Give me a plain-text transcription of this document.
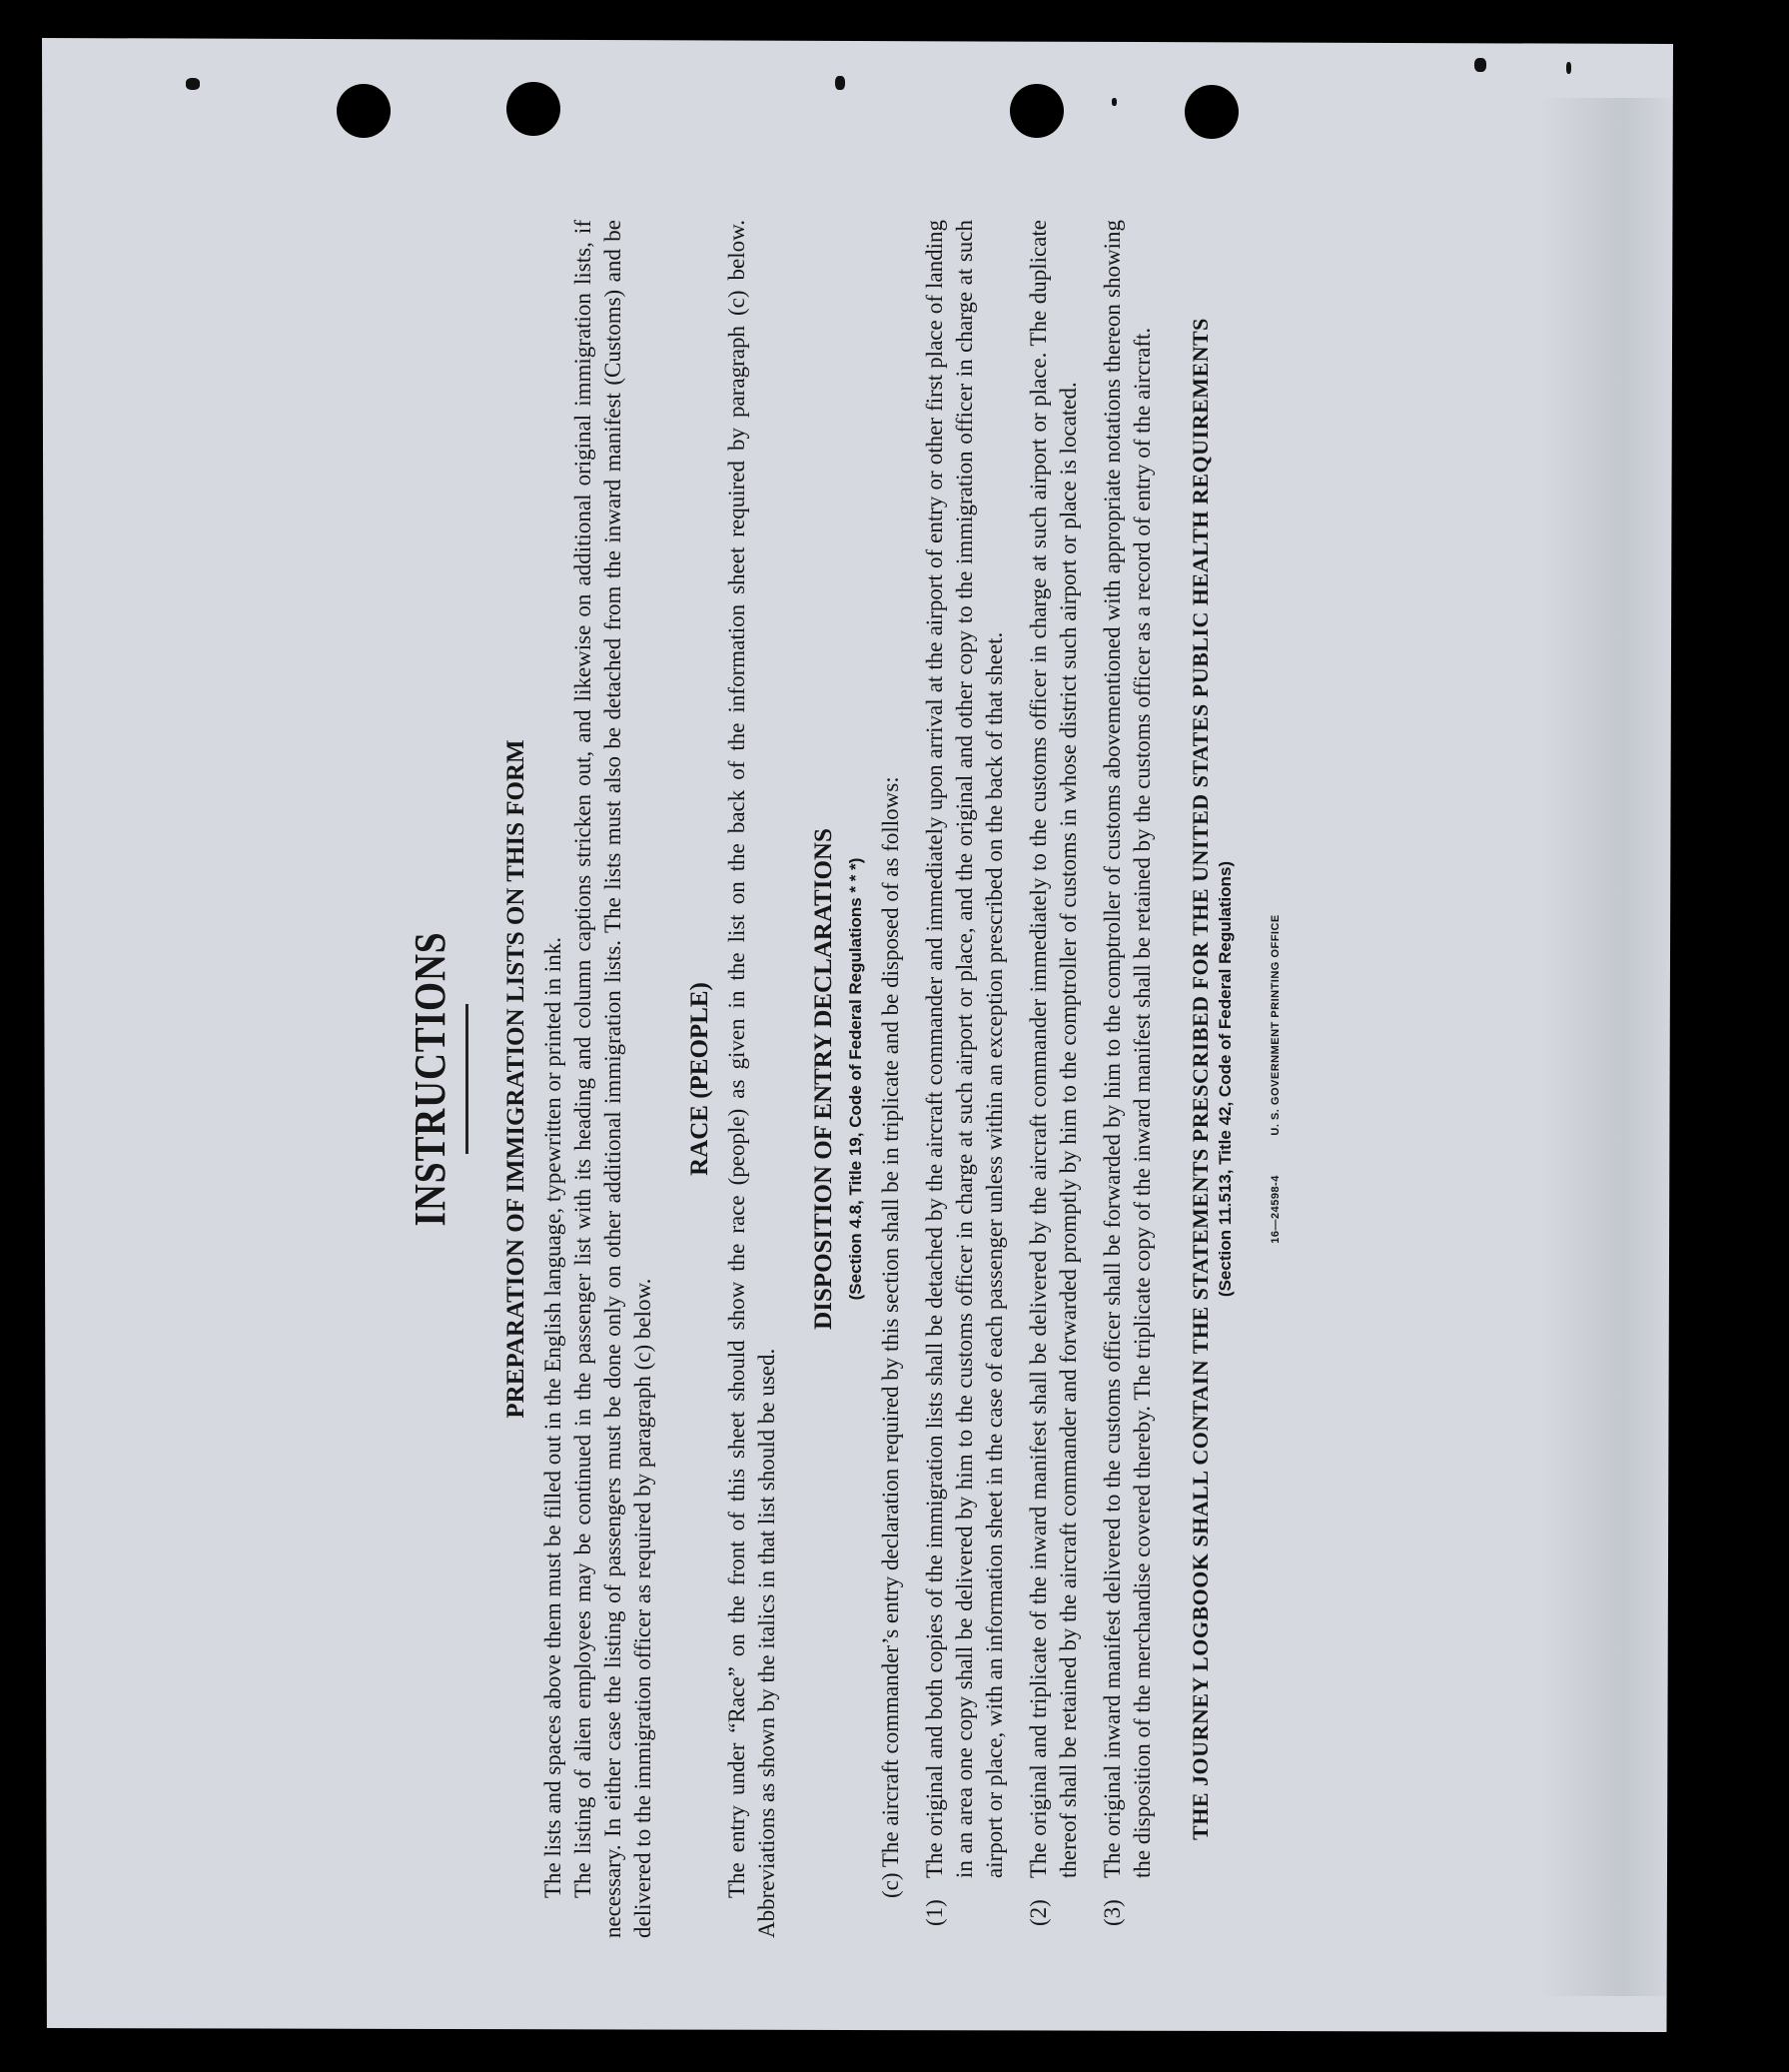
INSTRUCTIONS PREPARATION OF IMMIGRATION LISTS ON THIS FORM The lists and spaces above them must be filled out in the English language, typewritten or printed in ink. The listing of alien employees may be continued in the passenger list with its heading and column captions stricken out, and likewise on additional original immigration lists, if necessary. In either case the listing of passengers must be done only on other additional immigration lists. The lists must also be detached from the inward manifest (Customs) and be delivered to the immigration officer as required by paragraph (c) below.

RACE (PEOPLE) The entry under “Race” on the front of this sheet should show the race (people) as given in the list on the back of the information sheet required by paragraph (c) below. Abbreviations as shown by the italics in that list should be used.

DISPOSITION OF ENTRY DECLARATIONS (Section 4.8, Title 19, Code of Federal Regulations * * *) (c) The aircraft commander’s entry declaration required by this section shall be in triplicate and be disposed of as follows:

(1)
The original and both copies of the immigration lists shall be detached by the aircraft commander and immediately upon arrival at the airport of entry or other first place of landing in an area one copy shall be delivered by him to the customs officer in charge at such airport or place, and the original and other copy to the immigration officer in charge at such airport or place, with an information sheet in the case of each passenger unless within an exception prescribed on the back of that sheet.
(2)
The original and triplicate of the inward manifest shall be delivered by the aircraft commander immediately to the customs officer in charge at such airport or place. The duplicate thereof shall be retained by the aircraft commander and forwarded promptly by him to the comptroller of customs in whose district such airport or place is located.
(3)
The original inward manifest delivered to the customs officer shall be forwarded by him to the comptroller of customs abovementioned with appropriate notations thereon showing the disposition of the merchandise covered thereby. The triplicate copy of the inward manifest shall be retained by the customs officer as a record of entry of the aircraft. THE JOURNEY LOGBOOK SHALL CONTAIN THE STATEMENTS PRESCRIBED FOR THE UNITED STATES PUBLIC HEALTH REQUIREMENTS (Section 11.513, Title 42, Code of Federal Regulations)	16—24598-4 U. S. GOVERNMENT PRINTING OFFICE
